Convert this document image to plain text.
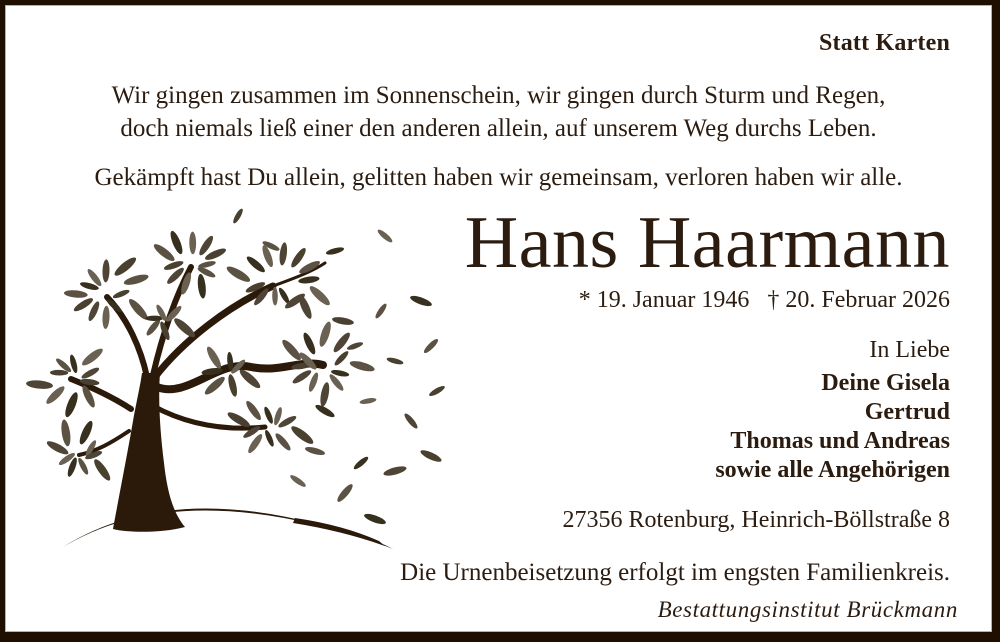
Statt Karten
Wir gingen zusammen im Sonnenschein, wir gingen durch Sturm und Regen,
doch niemals ließ einer den anderen allein, auf unserem Weg durchs Leben.
Gekämpft hast Du allein, gelitten haben wir gemeinsam, verloren haben wir alle.
Hans Haarmann
* 19. Januar 1946  † 20. Februar 2026
In Liebe
Deine Gisela
Gertrud
Thomas und Andreas
sowie alle Angehörigen
27356 Rotenburg, Heinrich-Böllstraße 8
Die Urnenbeisetzung erfolgt im engsten Familienkreis.
Bestattungsinstitut Brückmann
